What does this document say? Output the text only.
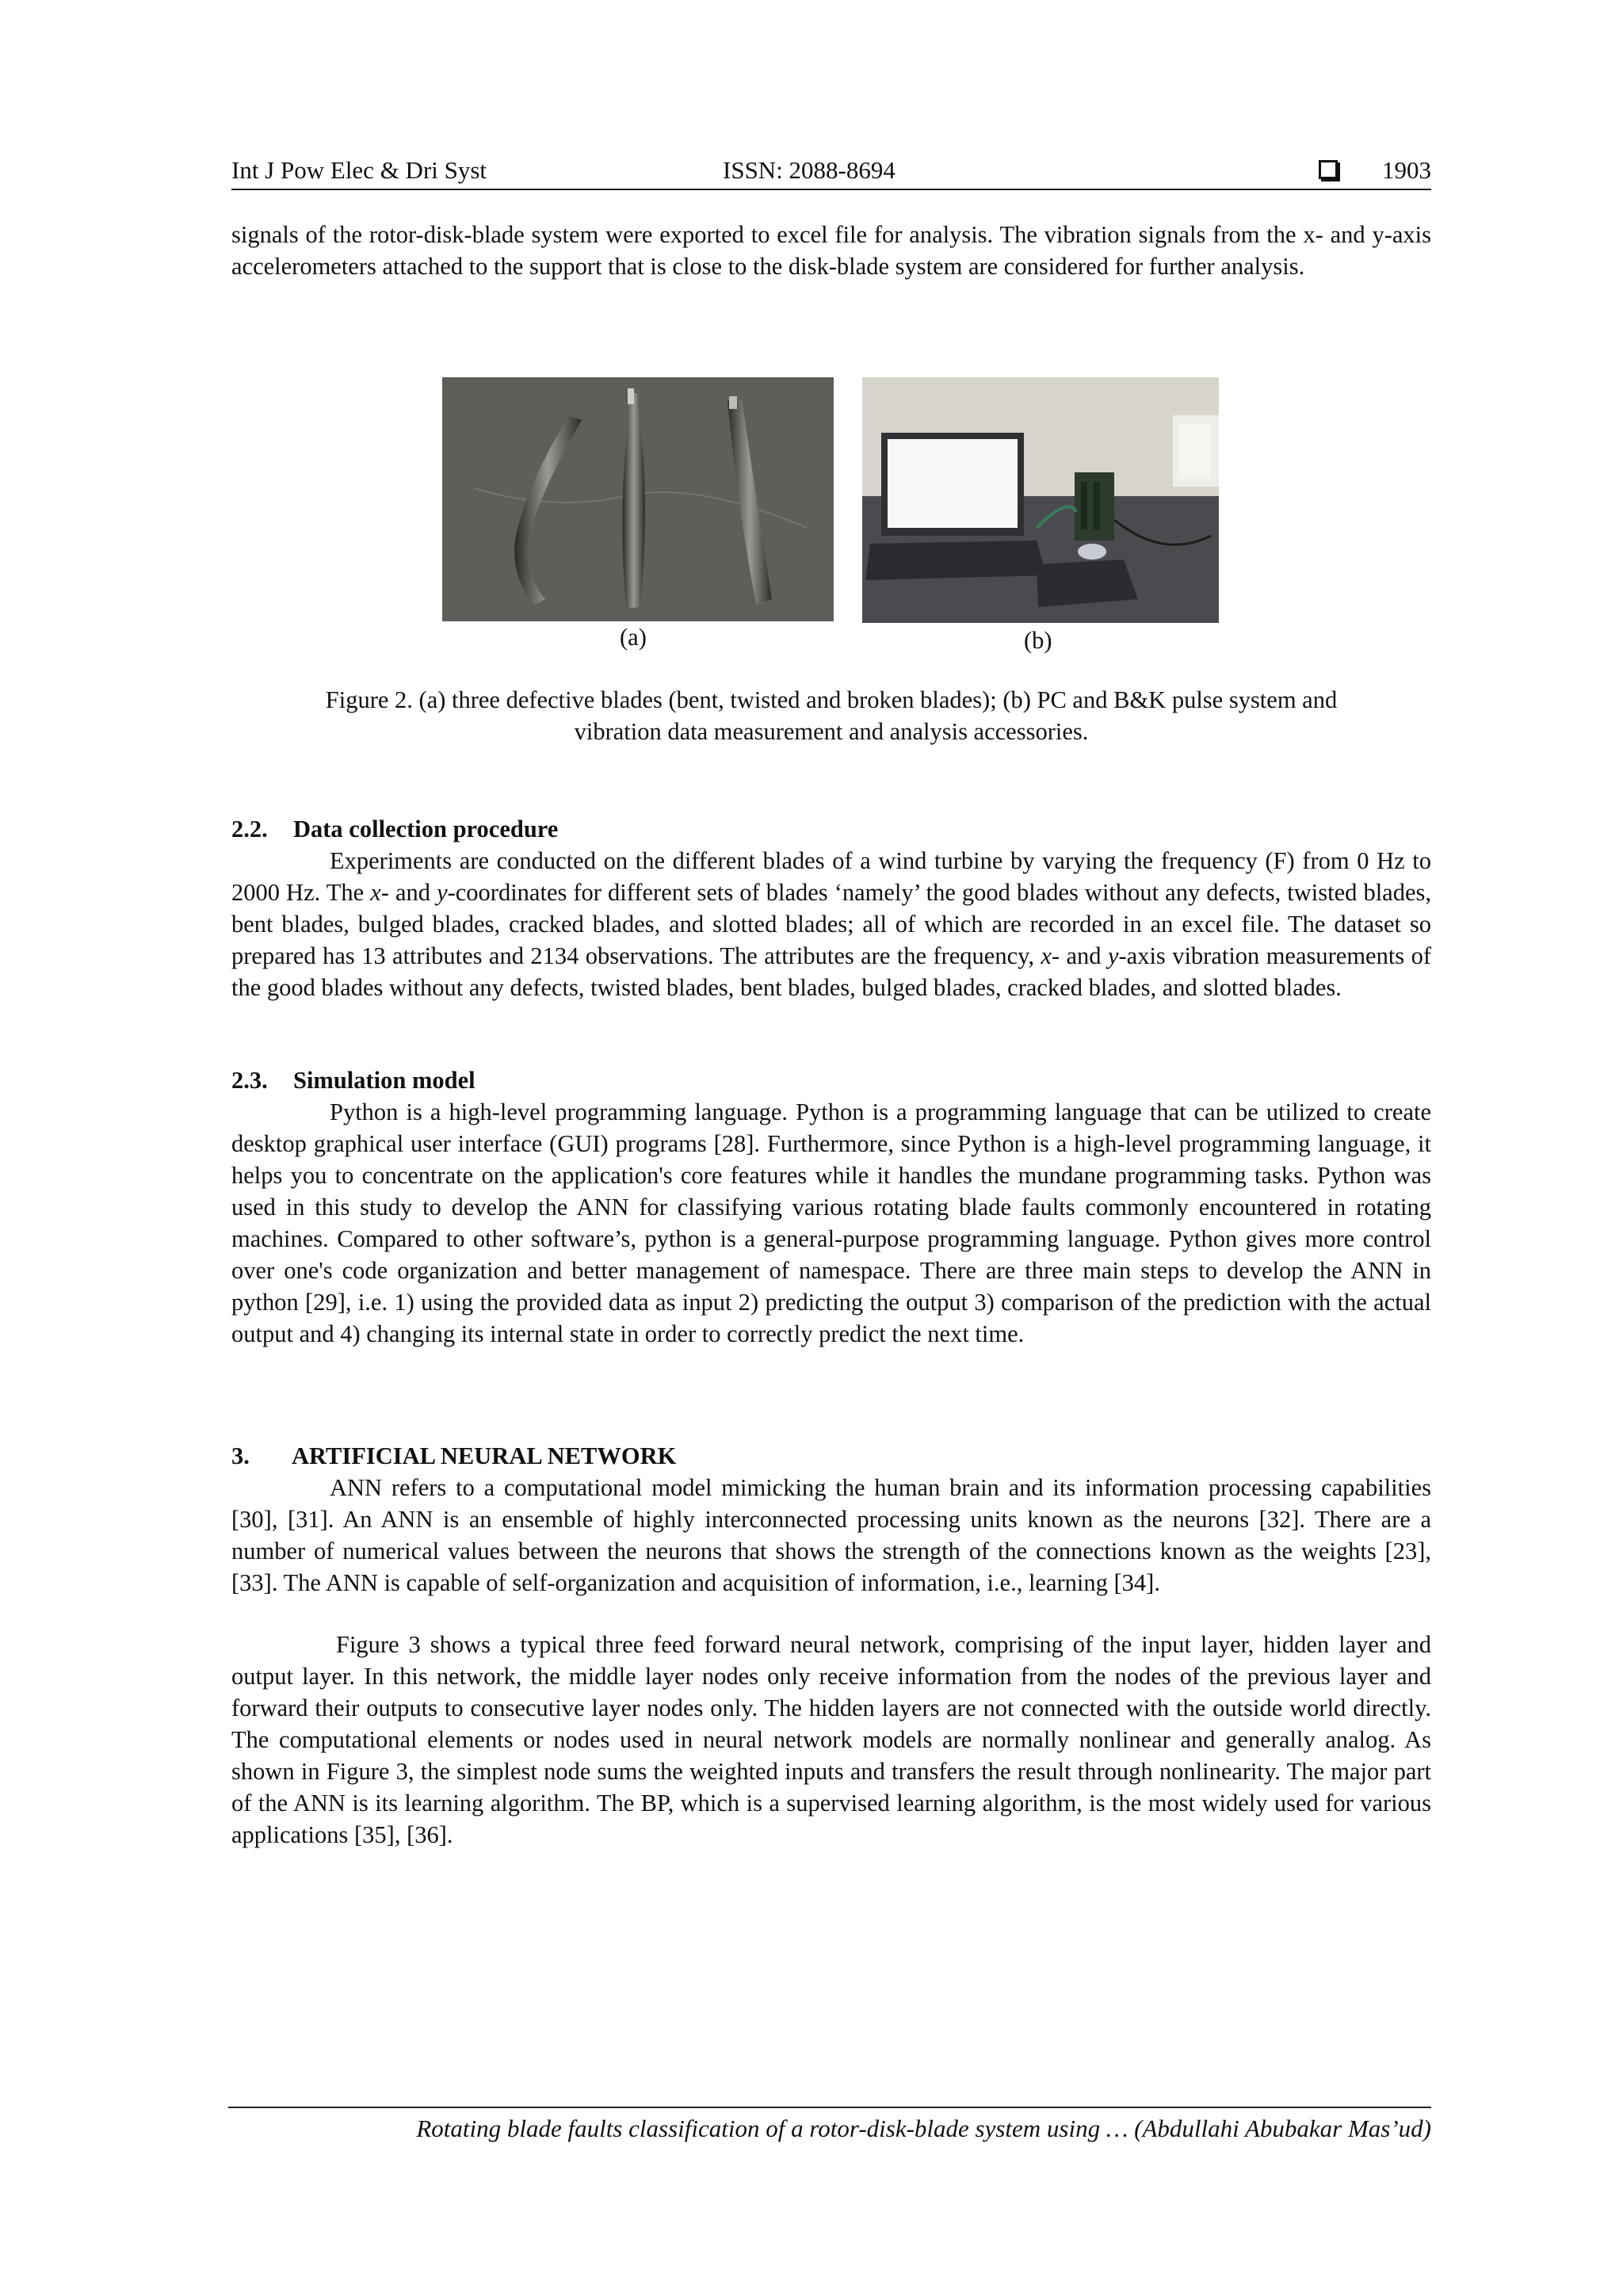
Int J Pow Elec & Dri Syst	ISSN: 2088-8694	1903

signals of the rotor-disk-blade system were exported to excel file for analysis. The vibration signals from the x- and y-axis accelerometers attached to the support that is close to the disk-blade system are considered for further analysis.

(a)	(b)

Figure 2. (a) three defective blades (bent, twisted and broken blades); (b) PC and B&K pulse system and
vibration data measurement and analysis accessories.

2.2. Data collection procedure

Experiments are conducted on the different blades of a wind turbine by varying the frequency (F) from 0 Hz to 2000 Hz. The x- and y-coordinates for different sets of blades ‘namely’ the good blades without any defects, twisted blades, bent blades, bulged blades, cracked blades, and slotted blades; all of which are recorded in an excel file. The dataset so prepared has 13 attributes and 2134 observations. The attributes are the frequency, x- and y-axis vibration measurements of the good blades without any defects, twisted blades, bent blades, bulged blades, cracked blades, and slotted blades.

2.3. Simulation model

Python is a high-level programming language. Python is a programming language that can be utilized to create desktop graphical user interface (GUI) programs [28]. Furthermore, since Python is a high-level programming language, it helps you to concentrate on the application's core features while it handles the mundane programming tasks. Python was used in this study to develop the ANN for classifying various rotating blade faults commonly encountered in rotating machines. Compared to other software’s, python is a general-purpose programming language. Python gives more control over one's code organization and better management of namespace. There are three main steps to develop the ANN in python [29], i.e. 1) using the provided data as input 2) predicting the output 3) comparison of the prediction with the actual output and 4) changing its internal state in order to correctly predict the next time.

3. ARTIFICIAL NEURAL NETWORK

ANN refers to a computational model mimicking the human brain and its information processing capabilities [30], [31]. An ANN is an ensemble of highly interconnected processing units known as the neurons [32]. There are a number of numerical values between the neurons that shows the strength of the connections known as the weights [23], [33]. The ANN is capable of self-organization and acquisition of information, i.e., learning [34].

Figure 3 shows a typical three feed forward neural network, comprising of the input layer, hidden layer and output layer. In this network, the middle layer nodes only receive information from the nodes of the previous layer and forward their outputs to consecutive layer nodes only. The hidden layers are not connected with the outside world directly. The computational elements or nodes used in neural network models are normally nonlinear and generally analog. As shown in Figure 3, the simplest node sums the weighted inputs and transfers the result through nonlinearity. The major part of the ANN is its learning algorithm. The BP, which is a supervised learning algorithm, is the most widely used for various applications [35], [36].

Rotating blade faults classification of a rotor-disk-blade system using … (Abdullahi Abubakar Mas’ud)
